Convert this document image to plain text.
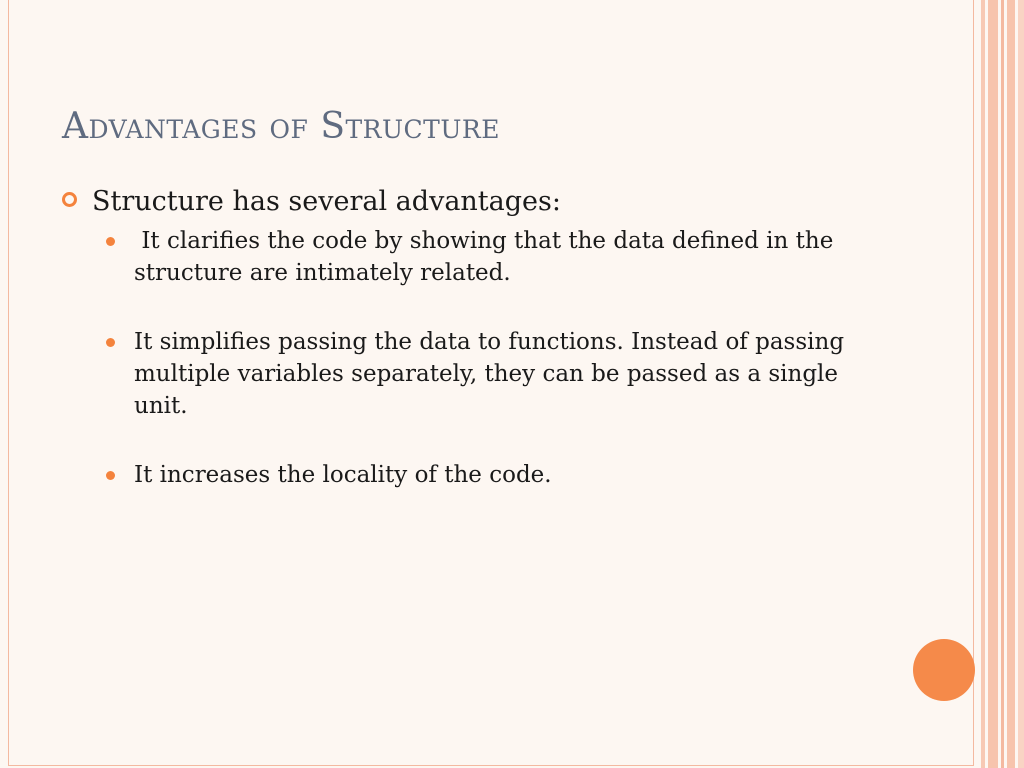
Advantages of Structure
Structure has several advantages:
It clarifies the code by showing that the data defined in the structure are intimately related.
It simplifies passing the data to functions. Instead of passing multiple variables separately, they can be passed as a single unit.
It increases the locality of the code.
